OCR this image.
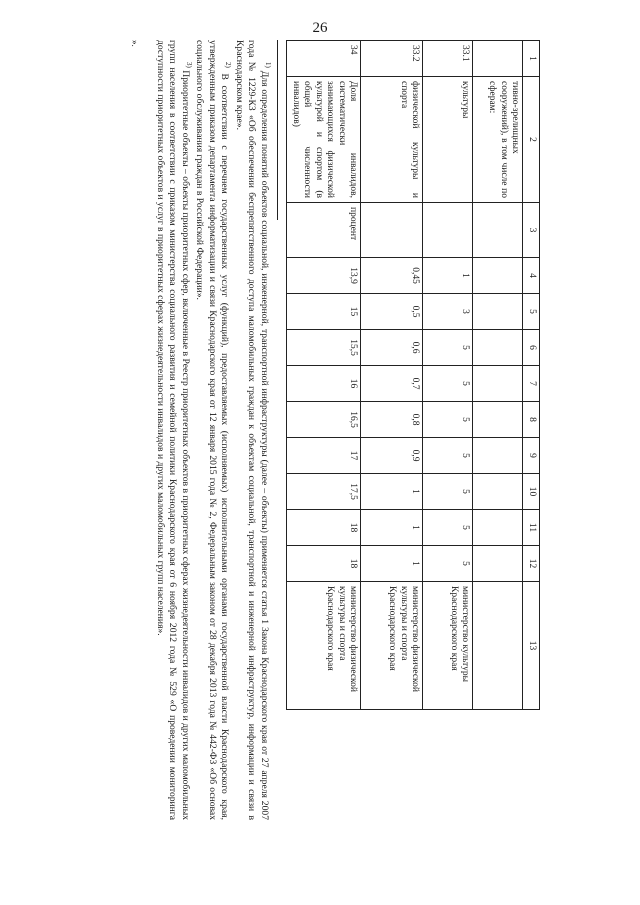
26
1	2	3	4	5	6	7	8	9	10	11	12	13
	тивно-зрелищных сооружений), в том числе по сферам:											
33.1	культуры		1	3	5	5	5	5	5	5	5	министерство культуры Краснодарского края
33.2	физической культуры и спорта		0,45	0,5	0,6	0,7	0,8	0,9	1	1	1	министерство физической культуры и спорта Краснодарского края
34	Доля инвалидов, систематически занимающихся физической культурой и спортом (в общей численности инвалидов)	процент	13,9	15	15,5	16	16,5	17	17,5	18	18	министерство физической культуры и спорта Краснодарского края

$^{1)}$ Для определения понятий объектов социальной, инженерной, транспортной инфраструктуры (далее – объекты) применяется статья 1 Закона Краснодарского края от 27 апреля 2007 года № 1229-КЗ «Об обеспечении беспрепятственного доступа маломобильных граждан к объектам социальной, транспортной и инженерной инфраструктур, информации и связи в Краснодарском крае».

$^{2)}$ В соответствии с перечнем государственных услуг (функций), предоставляемых (исполняемых) исполнительными органами государственной власти Краснодарского края, утвержденным приказом департамента информатизации и связи Краснодарского края от 12 января 2015 года № 2, Федеральным законом от 28 декабря 2013 года № 442-ФЗ «Об основах социального обслуживания граждан в Российской Федерации».

$^{3)}$ Приоритетные объекты – объекты приоритетных сфер, включенные в Реестр приоритетных объектов в приоритетных сферах жизнедеятельности инвалидов и других маломобильных групп населения в соответствии с приказом министерства социального развития и семейной политики Краснодарского края от 6 ноября 2012 года № 529 «О проведении мониторинга доступности приоритетных объектов и услуг в приоритетных сферах жизнедеятельности инвалидов и других маломобильных групп населения».

».
